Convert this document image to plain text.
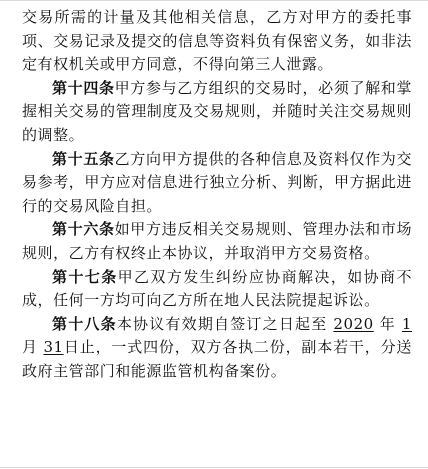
交易所需的计量及其他相关信息，乙方对甲方的委托事项、交易记录及提交的信息等资料负有保密义务，如非法定有权机关或甲方同意，不得向第三人泄露。

第十四条甲方参与乙方组织的交易时，必须了解和掌握相关交易的管理制度及交易规则，并随时关注交易规则的调整。

第十五条乙方向甲方提供的各种信息及资料仅作为交易参考，甲方应对信息进行独立分析、判断，甲方据此进行的交易风险自担。

第十六条如甲方违反相关交易规则、管理办法和市场规则，乙方有权终止本协议，并取消甲方交易资格。

第十七条甲乙双方发生纠纷应协商解决，如协商不成，任何一方均可向乙方所在地人民法院提起诉讼。

第十八条本协议有效期自签订之日起至 2020 年 1月 31日止，一式四份，双方各执二份，副本若干，分送政府主管部门和能源监管机构备案份。
